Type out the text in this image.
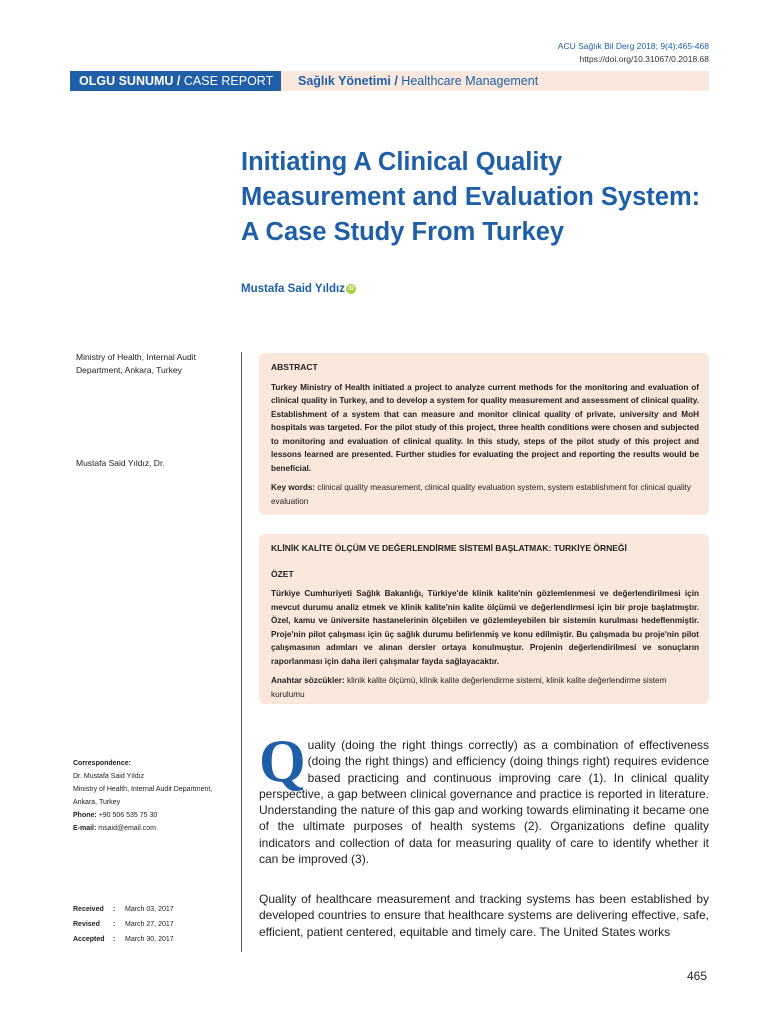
ACU Sağlık Bil Derg 2018; 9(4):465-468
https://doi.org/10.31067/0.2018.68
OLGU SUNUMU / CASE REPORT	Sağlık Yönetimi / Healthcare Management
Initiating A Clinical Quality Measurement and Evaluation System: A Case Study From Turkey
Mustafa Said Yıldız iD
Ministry of Health, Internal Audit Department, Ankara, Turkey
Mustafa Said Yıldız, Dr.
Correspondence:
Dr. Mustafa Said Yıldız
Ministry of Health, Internal Audit Department,
Ankara, Turkey
Phone: +90 506 535 75 30
E-mail: msaid@email.com
Received : March 03, 2017
Revised : March 27, 2017
Accepted : March 30, 2017
ABSTRACT

Turkey Ministry of Health initiated a project to analyze current methods for the monitoring and evaluation of clinical quality in Turkey, and to develop a system for quality measurement and assessment of clinical quality. Establishment of a system that can measure and monitor clinical quality of private, university and MoH hospitals was targeted. For the pilot study of this project, three health conditions were chosen and subjected to monitoring and evaluation of clinical quality. In this study, steps of the pilot study of this project and lessons learned are presented. Further studies for evaluating the project and reporting the results would be beneficial.

Key words: clinical quality measurement, clinical quality evaluation system, system establishment for clinical quality evaluation
KLİNİK KALİTE ÖLÇÜM VE DEĞERLENDİRME SİSTEMİ BAŞLATMAK: TURKİYE ÖRNEĞİ
ÖZET

Türkiye Cumhuriyeti Sağlık Bakanlığı, Türkiye'de klinik kalite'nin gözlemlenmesi ve değerlendirilmesi için mevcut durumu analiz etmek ve klinik kalite'nin kalite ölçümü ve değerlendirmesi için bir proje başlatmıştır. Özel, kamu ve üniversite hastanelerinin ölçebilen ve gözlemleyebilen bir sistemin kurulması hedeflenmiştir. Proje'nin pilot çalışması için üç sağlık durumu belirlenmiş ve konu edilmiştir. Bu çalışmada bu proje'nin pilot çalışmasının adımları ve alınan dersler ortaya konulmuştur. Projenin değerlendirilmesi ve sonuçların raporlanması için daha ileri çalışmalar fayda sağlayacaktır.

Anahtar sözcükler: klinik kalite ölçümü, klinik kalite değerlendirme sistemi, klinik kalite değerlendirme sistem kurulumu
Q uality (doing the right things correctly) as a combination of effectiveness (doing the right things) and efficiency (doing things right) requires evidence based practicing and continuous improving care (1). In clinical quality perspective, a gap between clinical governance and practice is reported in literature. Understanding the nature of this gap and working towards eliminating it became one of the ultimate purposes of health systems (2). Organizations define quality indicators and collection of data for measuring quality of care to identify whether it can be improved (3).
Quality of healthcare measurement and tracking systems has been established by developed countries to ensure that healthcare systems are delivering effective, safe, efficient, patient centered, equitable and timely care. The United States works
465
